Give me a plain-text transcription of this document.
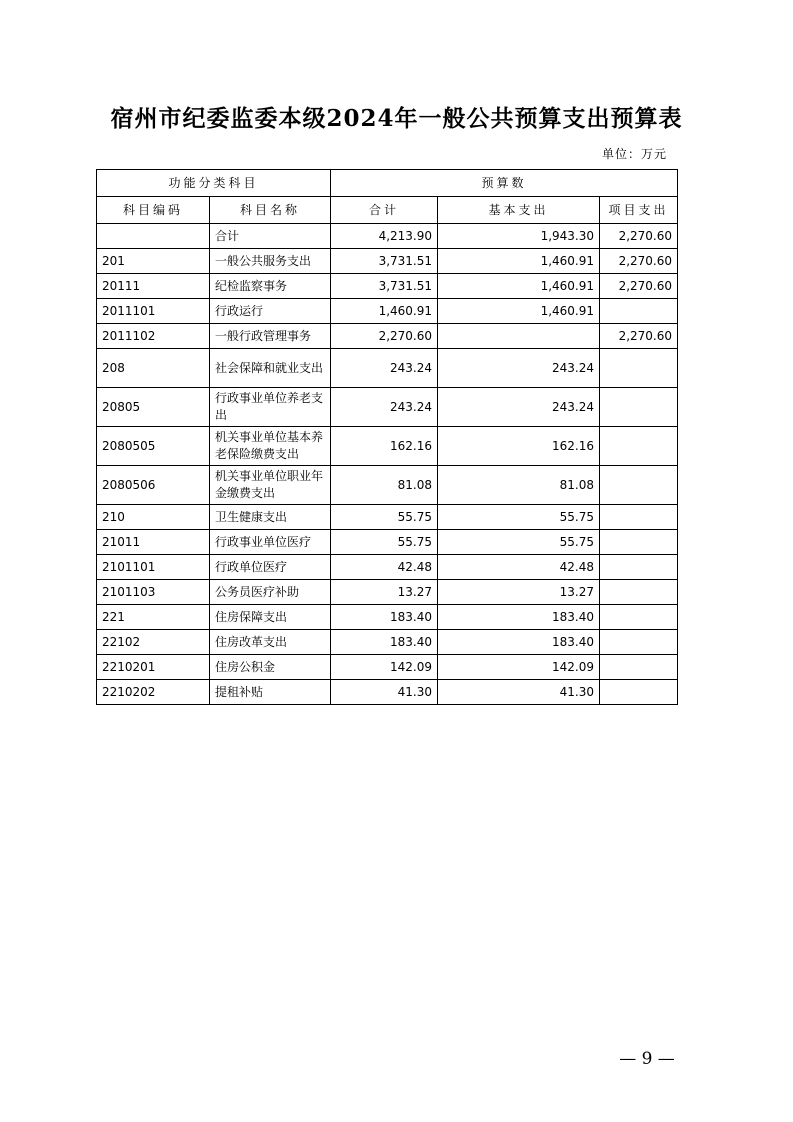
宿州市纪委监委本级2024年一般公共预算支出预算表
单位：万元
功能分类科目		预算数		
科目编码	科目名称	合计	基本支出	项目支出
	合计	4,213.90	1,943.30	2,270.60
201	一般公共服务支出	3,731.51	1,460.91	2,270.60
20111	纪检监察事务	3,731.51	1,460.91	2,270.60
2011101	行政运行	1,460.91	1,460.91	
2011102	一般行政管理事务	2,270.60		2,270.60
208	社会保障和就业支出	243.24	243.24	
20805	行政事业单位养老支出	243.24	243.24	
2080505	机关事业单位基本养老保险缴费支出	162.16	162.16	
2080506	机关事业单位职业年金缴费支出	81.08	81.08	
210	卫生健康支出	55.75	55.75	
21011	行政事业单位医疗	55.75	55.75	
2101101	行政单位医疗	42.48	42.48	
2101103	公务员医疗补助	13.27	13.27	
221	住房保障支出	183.40	183.40	
22102	住房改革支出	183.40	183.40	
2210201	住房公积金	142.09	142.09	
2210202	提租补贴	41.30	41.30	
— 9 —
